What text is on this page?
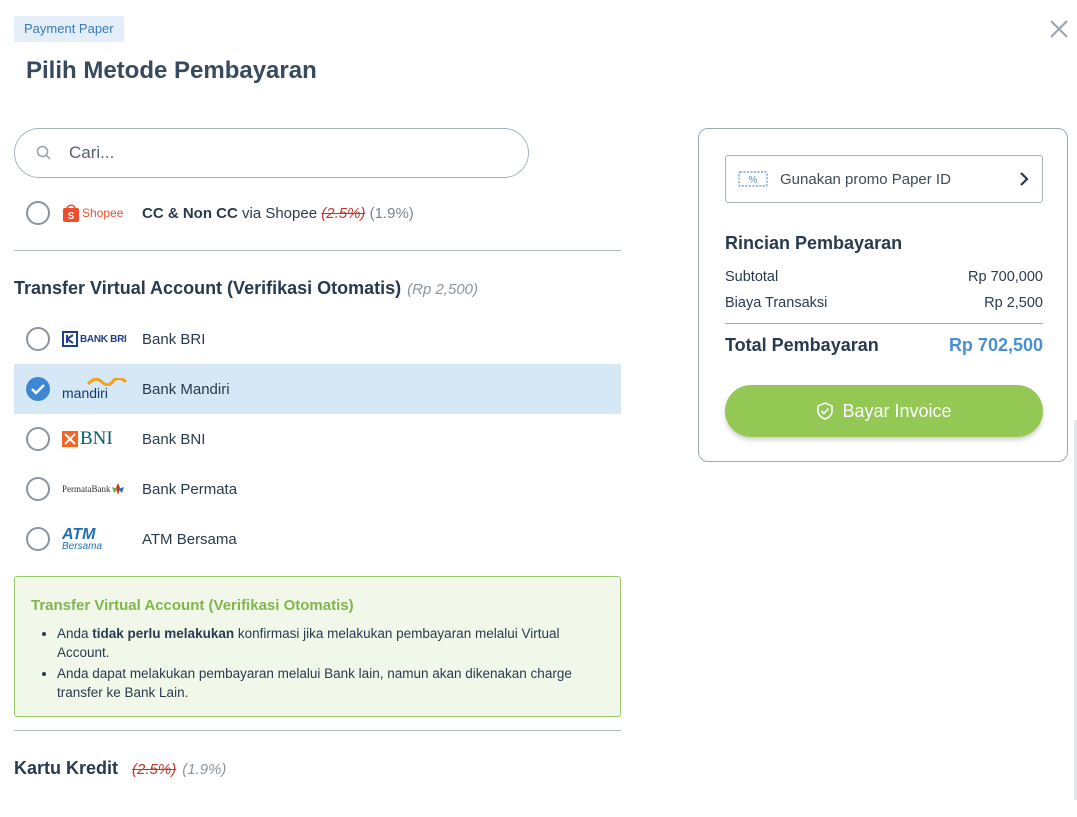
Payment Paper
Pilih Metode Pembayaran
Cari...
S Shopee CC & Non CC via Shopee (2.5%) (1.9%)
Transfer Virtual Account (Verifikasi Otomatis) (Rp 2,500)
BANK BRI Bank BRI
mandiri Bank Mandiri
BNI Bank BNI
PermataBank Bank Permata
ATM
Bersama	ATM Bersama
Transfer Virtual Account (Verifikasi Otomatis)
• Anda tidak perlu melakukan konfirmasi jika melakukan pembayaran melalui Virtual Account.
• Anda dapat melakukan pembayaran melalui Bank lain, namun akan dikenakan charge transfer ke Bank Lain.
Kartu Kredit (2.5%) (1.9%)
% Gunakan promo Paper ID
Rincian Pembayaran
Subtotal	Rp 700,000
Biaya Transaksi	Rp 2,500
Total Pembayaran	Rp 702,500
Bayar Invoice
